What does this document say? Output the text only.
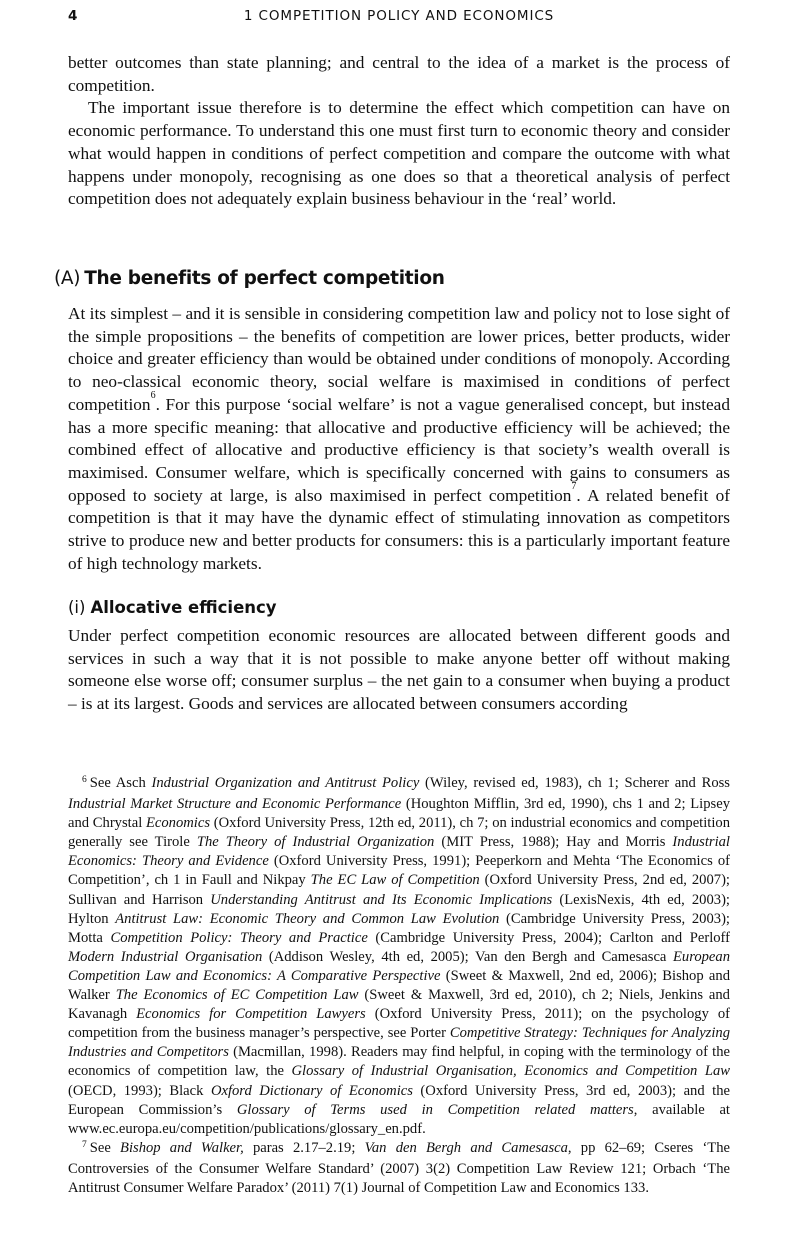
4	1 COMPETITION POLICY AND ECONOMICS

better outcomes than state planning; and central to the idea of a market is the process of competition.

The important issue therefore is to determine the effect which competition can have on economic performance. To understand this one must first turn to economic theory and consider what would happen in conditions of perfect competition and compare the outcome with what happens under monopoly, recognising as one does so that a theoretical analysis of perfect competition does not adequately explain business behaviour in the ‘real’ world.

(A) The benefits of perfect competition

At its simplest – and it is sensible in considering competition law and policy not to lose sight of the simple propositions – the benefits of competition are lower prices, better products, wider choice and greater efficiency than would be obtained under conditions of monopoly. According to neo-classical economic theory, social welfare is maximised in conditions of perfect competition$^6$. For this purpose ‘social welfare’ is not a vague generalised concept, but instead has a more specific meaning: that allocative and productive efficiency will be achieved; the combined effect of allocative and productive efficiency is that society’s wealth overall is maximised. Consumer welfare, which is specifically concerned with gains to consumers as opposed to society at large, is also maximised in perfect competition$^7$. A related benefit of competition is that it may have the dynamic effect of stimulating innovation as competitors strive to produce new and better products for consumers: this is a particularly important feature of high technology markets.

(i) Allocative efficiency

Under perfect competition economic resources are allocated between different goods and services in such a way that it is not possible to make anyone better off without making someone else worse off; consumer surplus – the net gain to a consumer when buying a product – is at its largest. Goods and services are allocated between consumers according

$^6$ See Asch Industrial Organization and Antitrust Policy (Wiley, revised ed, 1983), ch 1; Scherer and Ross Industrial Market Structure and Economic Performance (Houghton Mifflin, 3rd ed, 1990), chs 1 and 2; Lipsey and Chrystal Economics (Oxford University Press, 12th ed, 2011), ch 7; on industrial economics and competition generally see Tirole The Theory of Industrial Organization (MIT Press, 1988); Hay and Morris Industrial Economics: Theory and Evidence (Oxford University Press, 1991); Peeperkorn and Mehta ‘The Economics of Competition’, ch 1 in Faull and Nikpay The EC Law of Competition (Oxford University Press, 2nd ed, 2007); Sullivan and Harrison Understanding Antitrust and Its Economic Implications (LexisNexis, 4th ed, 2003); Hylton Antitrust Law: Economic Theory and Common Law Evolution (Cambridge University Press, 2003); Motta Competition Policy: Theory and Practice (Cambridge University Press, 2004); Carlton and Perloff Modern Industrial Organisation (Addison Wesley, 4th ed, 2005); Van den Bergh and Camesasca European Competition Law and Economics: A Comparative Perspective (Sweet & Maxwell, 2nd ed, 2006); Bishop and Walker The Economics of EC Competition Law (Sweet & Maxwell, 3rd ed, 2010), ch 2; Niels, Jenkins and Kavanagh Economics for Competition Lawyers (Oxford University Press, 2011); on the psychology of competition from the business manager’s perspective, see Porter Competitive Strategy: Techniques for Analyzing Industries and Competitors (Macmillan, 1998). Readers may find helpful, in coping with the terminology of the economics of competition law, the Glossary of Industrial Organisation, Economics and Competition Law (OECD, 1993); Black Oxford Dictionary of Economics (Oxford University Press, 3rd ed, 2003); and the European Commission’s Glossary of Terms used in Competition related matters, available at www.ec.europa.eu/competition/publications/glossary_en.pdf.

$^7$ See Bishop and Walker, paras 2.17–2.19; Van den Bergh and Camesasca, pp 62–69; Cseres ‘The Controversies of the Consumer Welfare Standard’ (2007) 3(2) Competition Law Review 121; Orbach ‘The Antitrust Consumer Welfare Paradox’ (2011) 7(1) Journal of Competition Law and Economics 133.
